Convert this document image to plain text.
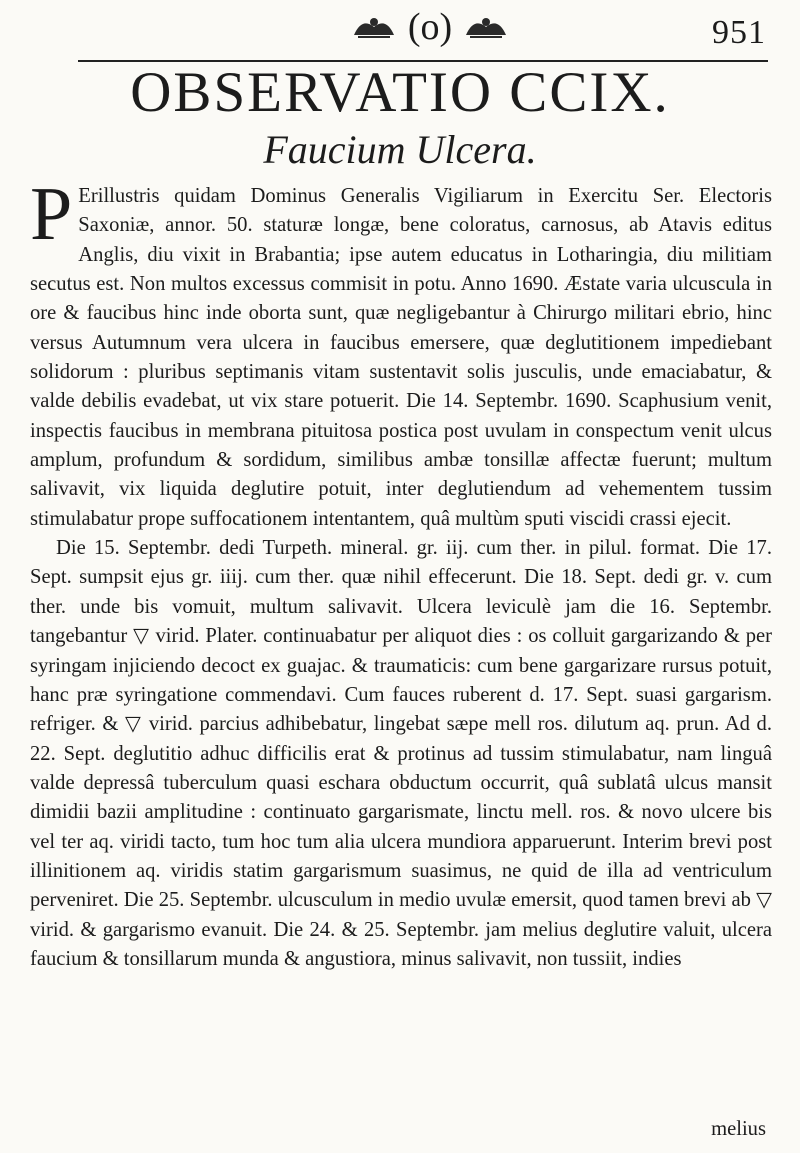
(o)	951
OBSERVATIO CCIX.
Faucium Ulcera.

P Erillustris quidam Dominus Generalis Vigiliarum in Exercitu Ser. Electoris Saxoniæ, annor. 50. staturæ longæ, bene coloratus, carnosus, ab Atavis editus Anglis, diu vixit in Brabantia; ipse autem educatus in Lotharingia, diu militiam secutus est. Non multos excessus commisit in potu. Anno 1690. Æstate varia ulcuscula in ore & faucibus hinc inde oborta sunt, quæ negligebantur à Chirurgo militari ebrio, hinc versus Autumnum vera ulcera in faucibus emersere, quæ deglutitionem impediebant solidorum : pluribus septimanis vitam sustentavit solis jusculis, unde emaciabatur, & valde debilis evadebat, ut vix stare potuerit. Die 14. Septembr. 1690. Scaphusium venit, inspectis faucibus in membrana pituitosa postica post uvulam in conspectum venit ulcus amplum, profundum & sordidum, similibus ambæ tonsillæ affectæ fuerunt; multum salivavit, vix liquida deglutire potuit, inter deglutiendum ad vehementem tussim stimulabatur prope suffocationem intentantem, quâ multùm sputi viscidi crassi ejecit.

Die 15. Septembr. dedi Turpeth. mineral. gr. iij. cum ther. in pilul. format. Die 17. Sept. sumpsit ejus gr. iiij. cum ther. quæ nihil effecerunt. Die 18. Sept. dedi gr. v. cum ther. unde bis vomuit, multum salivavit. Ulcera leviculè jam die 16. Septembr. tangebantur ▽ virid. Plater. continuabatur per aliquot dies : os colluit gargarizando & per syringam injiciendo decoct ex guajac. & traumaticis: cum bene gargarizare rursus potuit, hanc præ syringatione commendavi. Cum fauces ruberent d. 17. Sept. suasi gargarism. refriger. & ▽ virid. parcius adhibebatur, lingebat sæpe mell ros. dilutum aq. prun. Ad d. 22. Sept. deglutitio adhuc difficilis erat & protinus ad tussim stimulabatur, nam linguâ valde depressâ tuberculum quasi eschara obductum occurrit, quâ sublatâ ulcus mansit dimidii bazii amplitudine : continuato gargarismate, linctu mell. ros. & novo ulcere bis vel ter aq. viridi tacto, tum hoc tum alia ulcera mundiora apparuerunt. Interim brevi post illinitionem aq. viridis statim gargarismum suasimus, ne quid de illa ad ventriculum perveniret. Die 25. Septembr. ulcusculum in medio uvulæ emersit, quod tamen brevi ab ▽ virid. & gargarismo evanuit. Die 24. & 25. Septembr. jam melius deglutire valuit, ulcera faucium & tonsillarum munda & angustiora, minus salivavit, non tussiit, indies

melius
